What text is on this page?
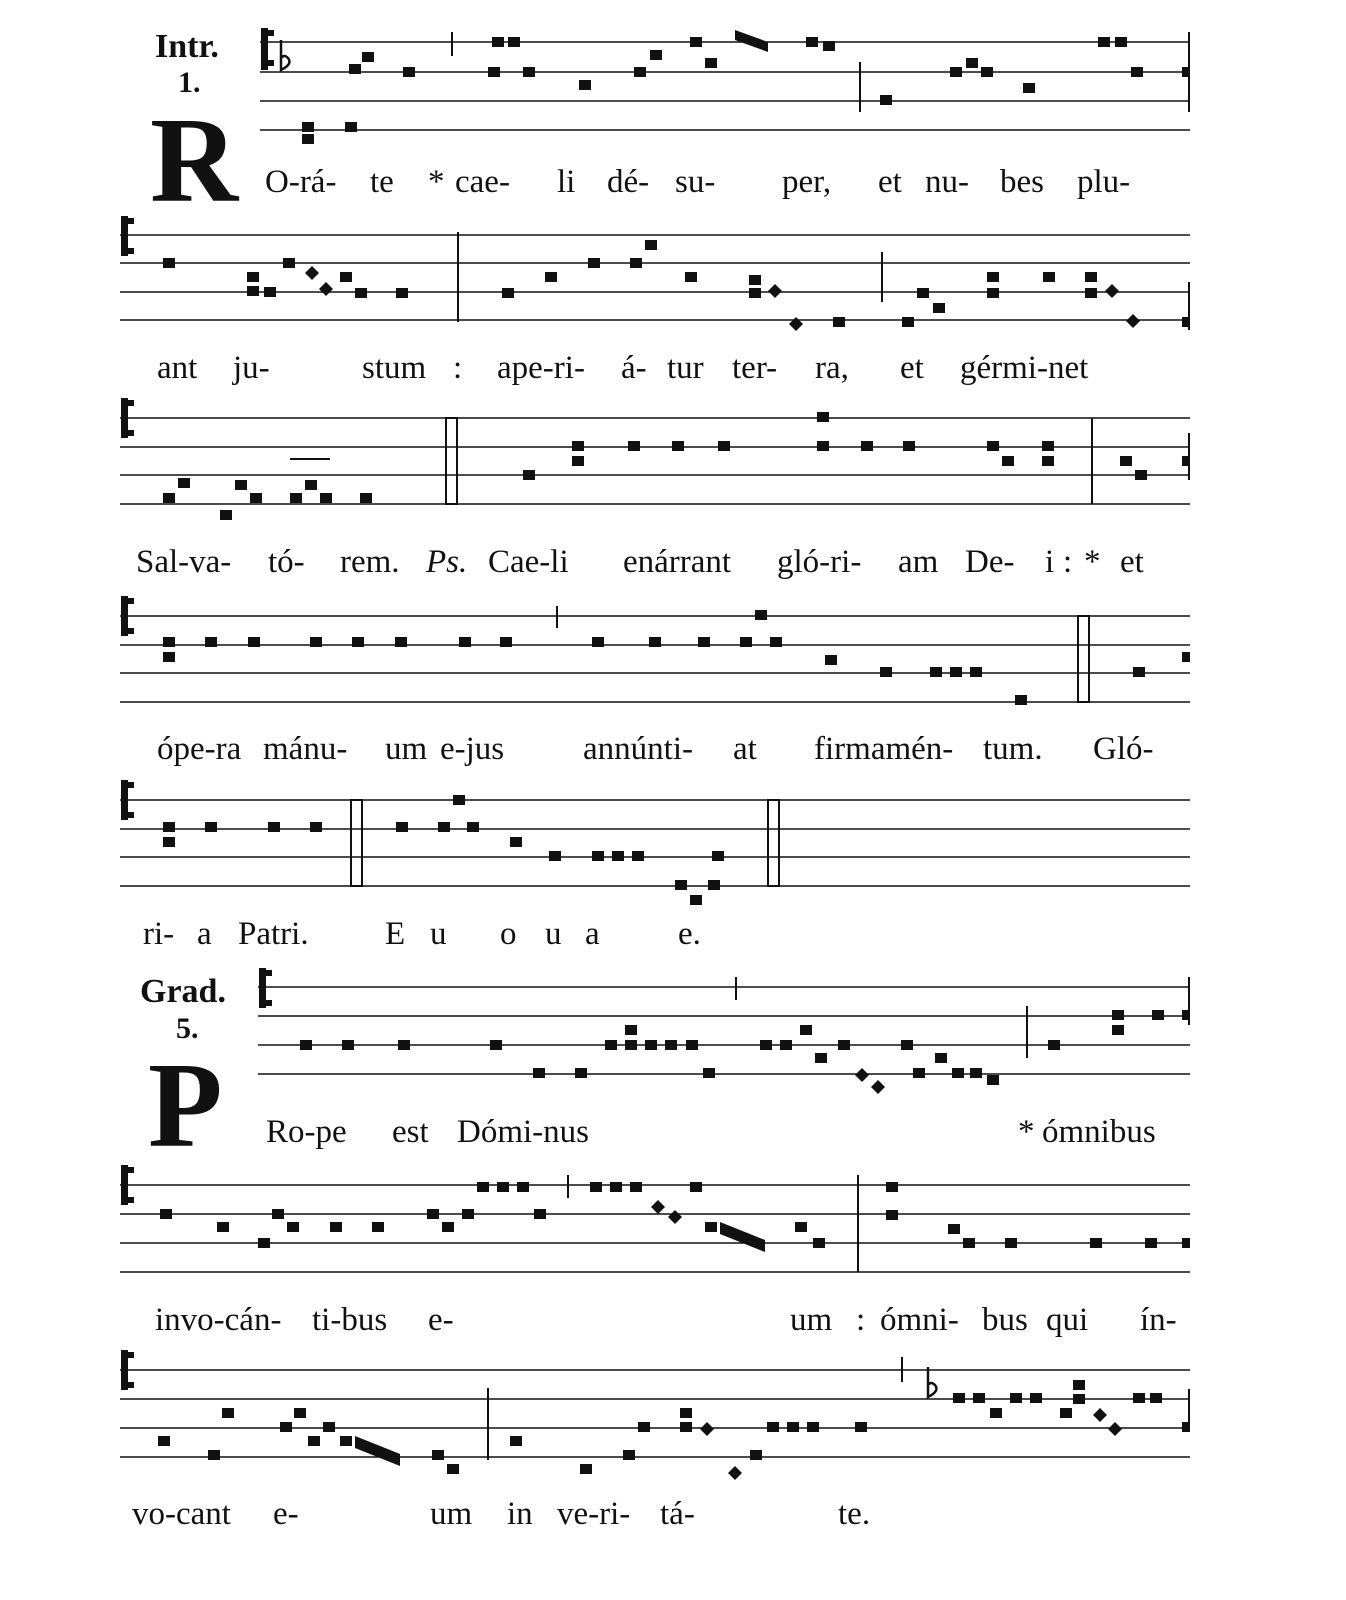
Intr.
1.
R O-rá- te * cae- li dé- su- per, et nu- bes plu-
ant ju-	stum : ape-ri- á- tur ter- ra, et gérmi-net
Sal-va- tó- rem. Ps. Cae-li enárrant gló-ri- am De- i : * et
ópe-ra mánu- um e-jus annúnti- at firmamén- tum. Gló-
ri- a Patri. E u o u a e.
Grad.
5.
P Ro-pe est Dómi-nus	* ómnibus
invo-cán- ti-bus e-	um : ómni- bus qui ín-
vo-cant e-	um in ve-ri- tá-	te.
